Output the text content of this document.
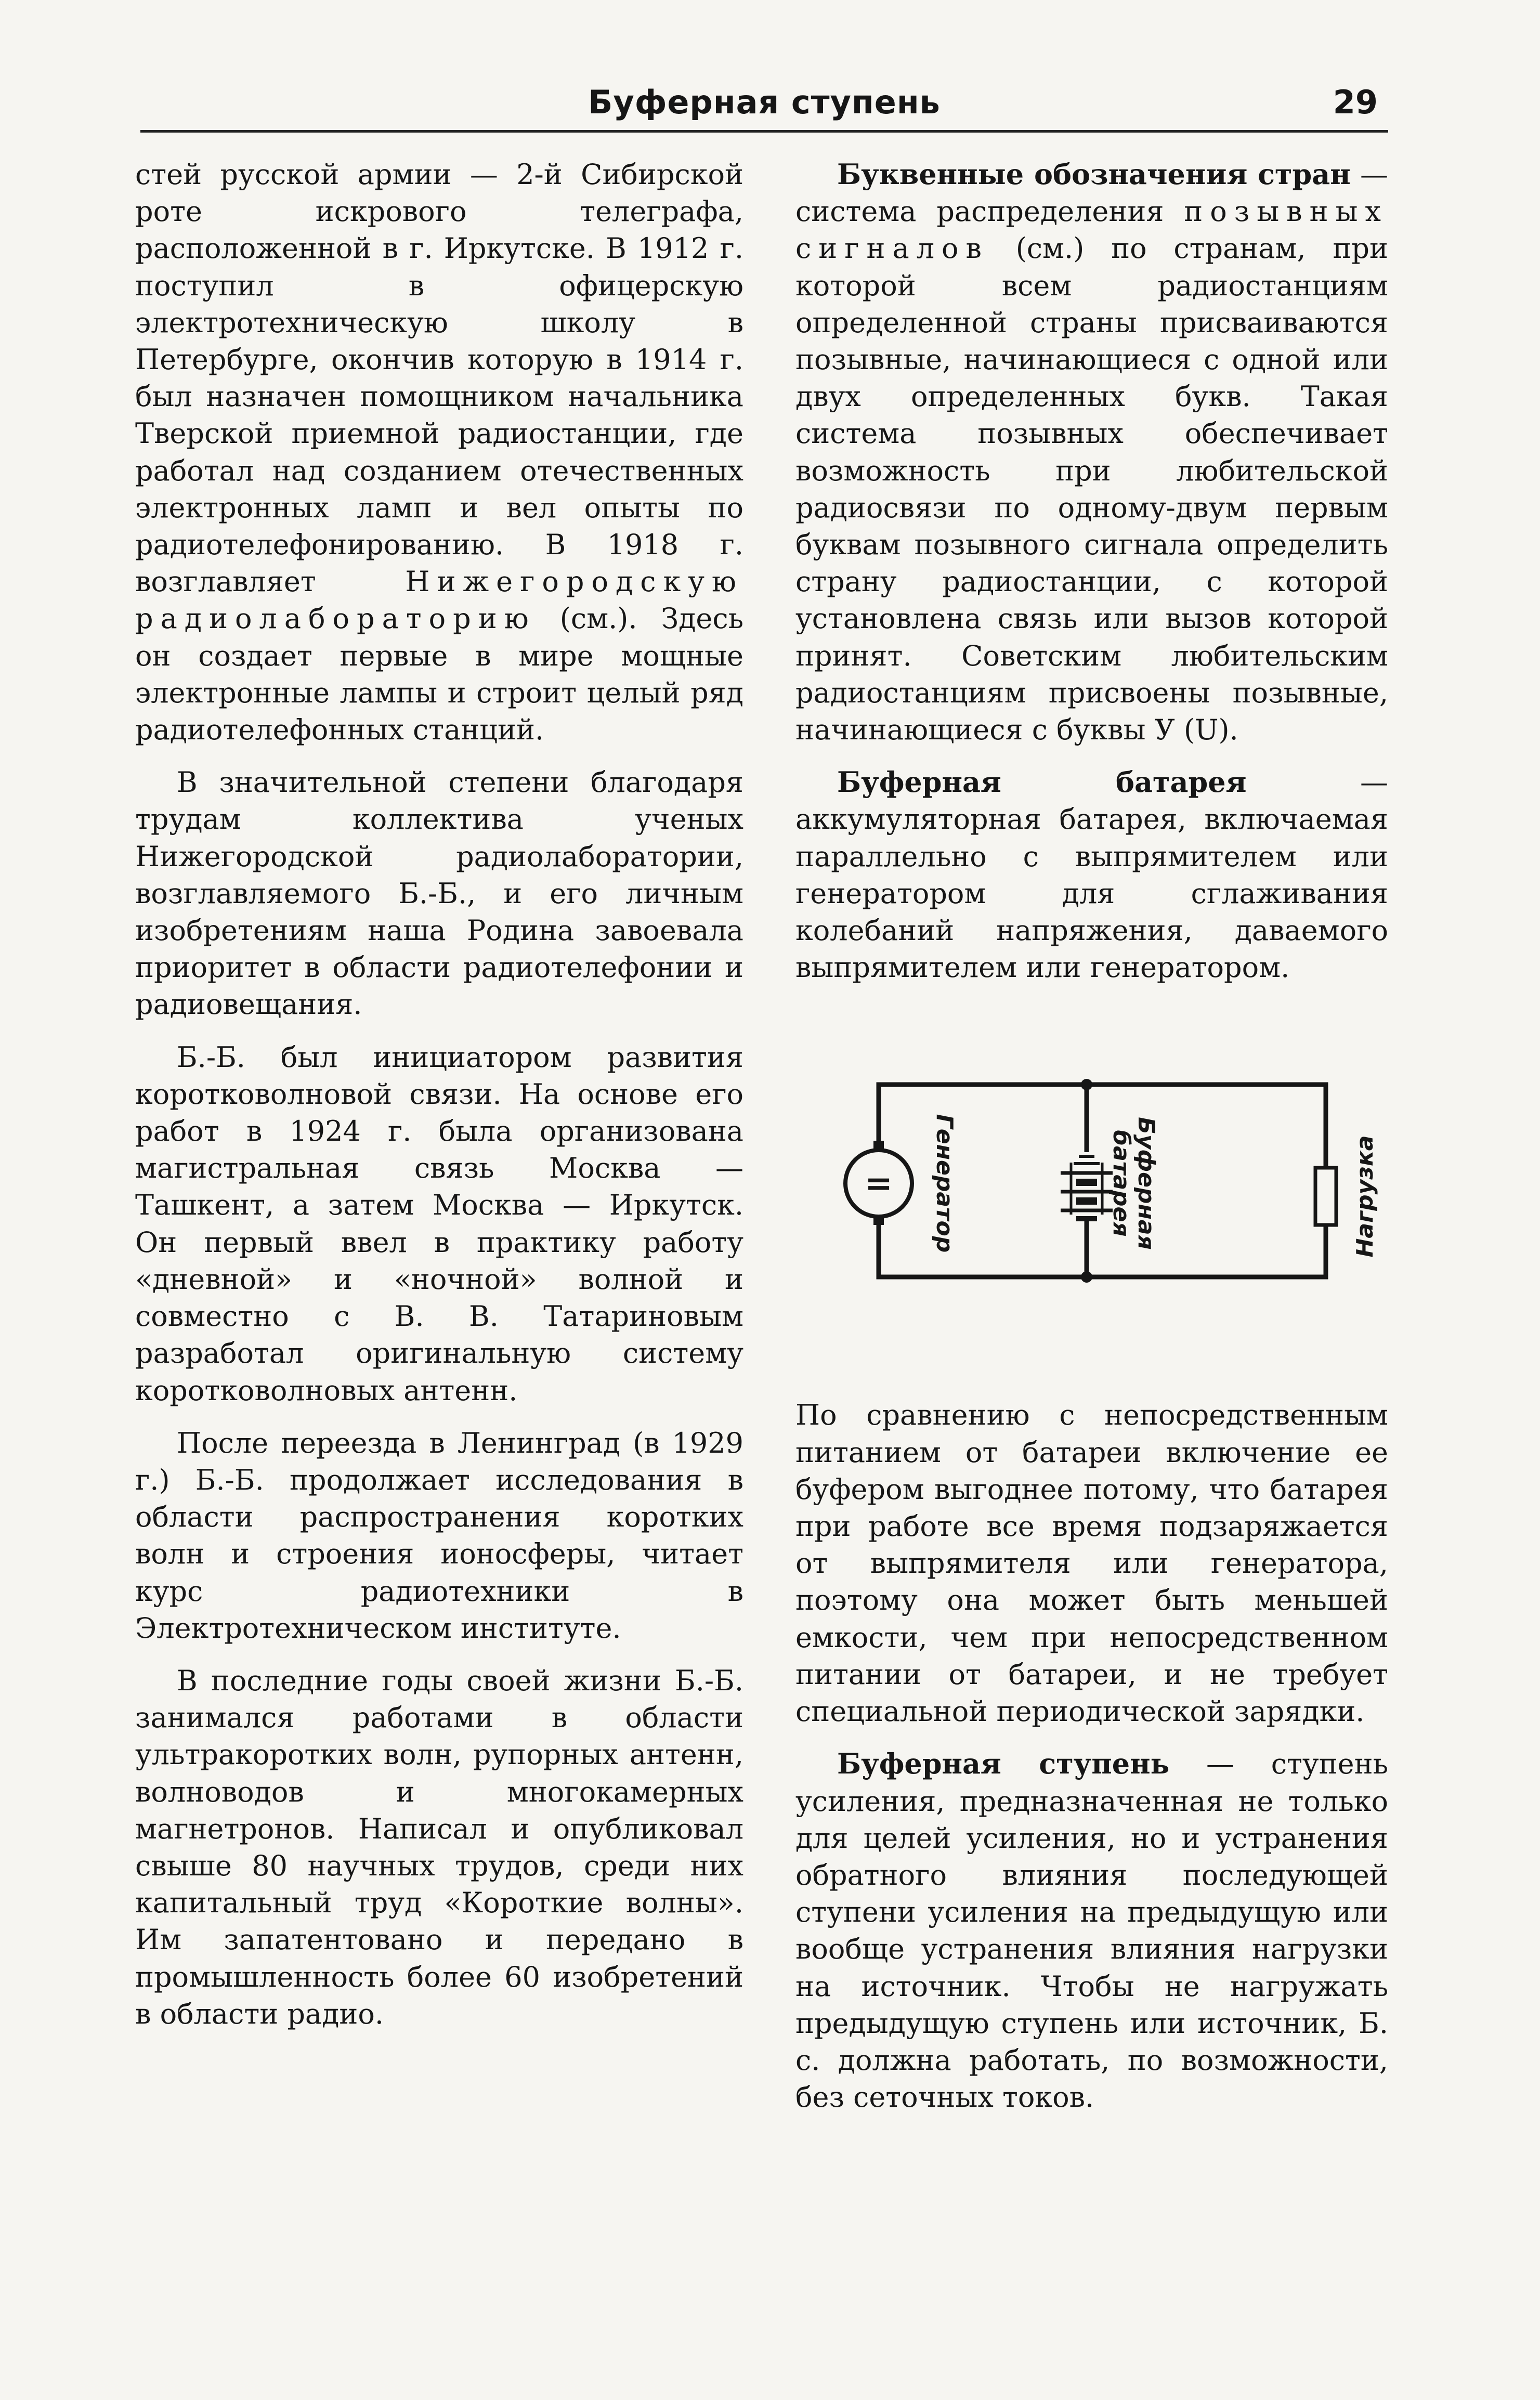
Буферная ступень	29

стей русской армии — 2-й Сибирской роте искрового телеграфа, расположенной в г. Иркутске. В 1912 г. поступил в офицерскую электротехническую школу в Петербурге, окончив которую в 1914 г. был назначен помощником начальника Тверской приемной радиостанции, где работал над созданием отечественных электронных ламп и вел опыты по радиотелефонированию. В 1918 г. возглавляет	Нижегородскую радиолабораторию (см.). Здесь он создает первые в мире мощные электронные лампы и строит целый ряд радиотелефонных станций.

В значительной степени благодаря трудам коллектива ученых Нижегородской радиолаборатории, возглавляемого Б.-Б., и его личным изобретениям наша Родина завоевала приоритет в области радиотелефонии и радиовещания.

Б.-Б. был инициатором развития коротковолновой связи. На основе его работ в 1924 г. была организована магистральная связь Москва — Ташкент, а затем Москва — Иркутск. Он первый ввел в практику работу «дневной» и «ночной» волной и совместно с В. В. Татариновым разработал оригинальную систему коротковолновых антенн.

После переезда в Ленинград (в 1929 г.) Б.-Б. продолжает исследования в области распространения коротких волн и строения ионосферы, читает курс радиотехники в Электротехническом институте.

В последние годы своей жизни Б.-Б. занимался работами в области ультракоротких волн, рупорных антенн, волноводов и многокамерных магнетронов. Написал и опубликовал свыше 80 научных трудов, среди них капитальный труд «Короткие волны». Им запатентовано и передано в промышленность более 60 изобретений в области радио.

Буквенные обозначения стран — система распределения позывных сигналов (см.) по странам, при которой всем радиостанциям определенной страны присваиваются позывные, начинающиеся с одной или двух определенных букв. Такая система позывных обеспечивает возможность при любительской радиосвязи по одному-двум первым буквам позывного сигнала определить страну радиостанции, с которой установлена связь или вызов которой принят. Советским любительским радиостанциям присвоены позывные, начинающиеся с буквы У (U).

Буферная батарея — аккумуляторная батарея, включаемая параллельно с выпрямителем или генератором для сглаживания колебаний напряжения, даваемого выпрямителем или генератором.

= Генератор	Буферная
батарея	Нагрузка

По сравнению с непосредственным питанием от батареи включение ее буфером выгоднее потому, что батарея при работе все время подзаряжается от выпрямителя или генератора, поэтому она может быть меньшей емкости, чем при непосредственном питании от батареи, и не требует специальной периодической зарядки.

Буферная ступень — ступень усиления, предназначенная не только для целей усиления, но и устранения обратного влияния последующей ступени усиления на предыдущую или вообще устранения влияния нагрузки на источник. Чтобы не нагружать предыдущую ступень или источник, Б. с. должна работать, по возможности, без сеточных токов.
